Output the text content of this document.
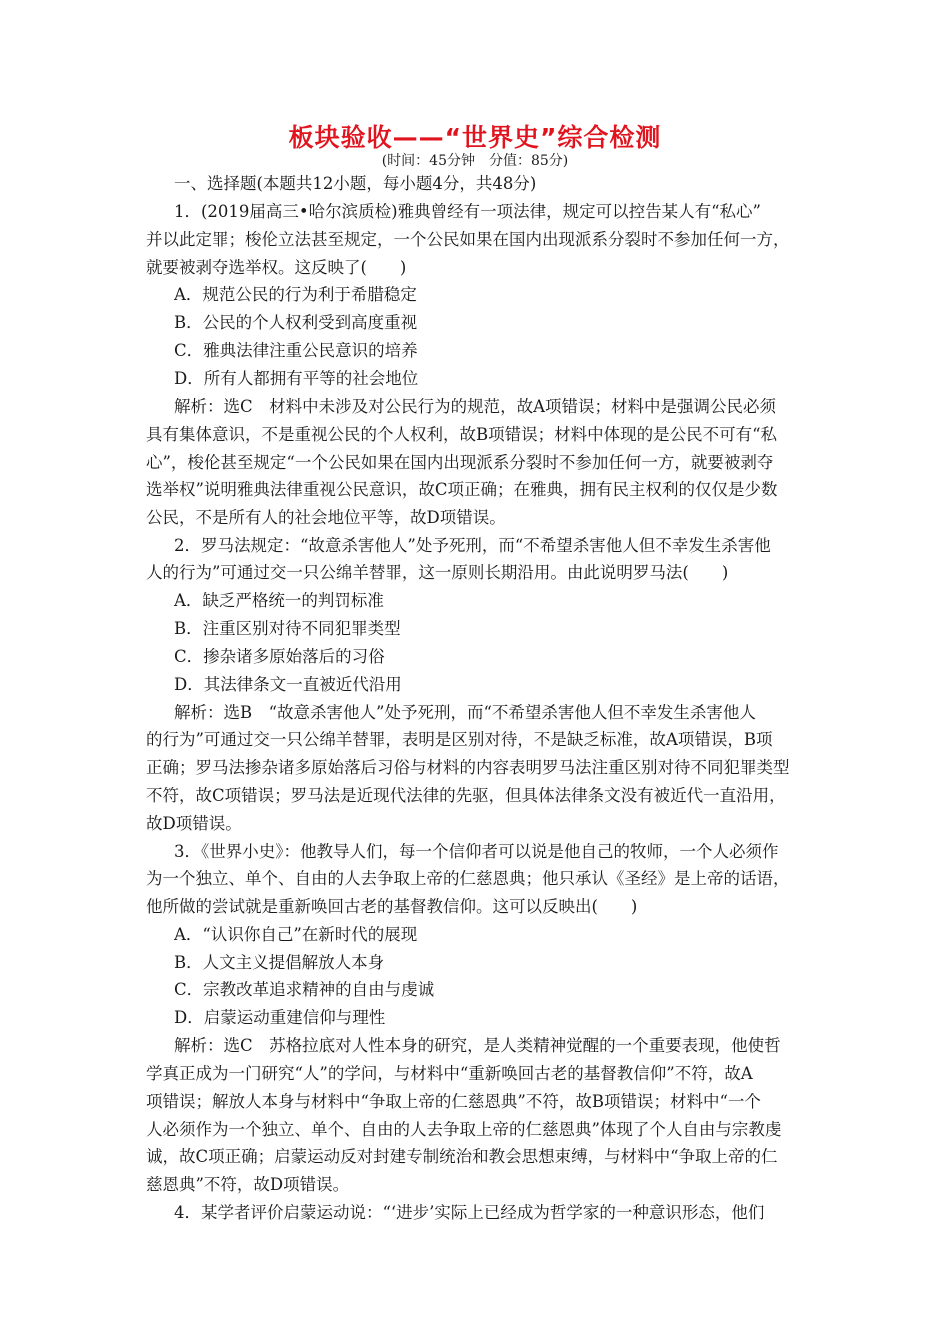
板块验收——“世界史”综合检测
(时间：45分钟　分值：85分)
一、选择题(本题共12小题，每小题4分，共48分)
1．(2019届高三•哈尔滨质检)雅典曾经有一项法律，规定可以控告某人有“私心”
并以此定罪；梭伦立法甚至规定，一个公民如果在国内出现派系分裂时不参加任何一方，
就要被剥夺选举权。这反映了(　　)
A．规范公民的行为利于希腊稳定
B．公民的个人权利受到高度重视
C．雅典法律注重公民意识的培养
D．所有人都拥有平等的社会地位
解析：选C　材料中未涉及对公民行为的规范，故A项错误；材料中是强调公民必须
具有集体意识，不是重视公民的个人权利，故B项错误；材料中体现的是公民不可有“私
心”，梭伦甚至规定“一个公民如果在国内出现派系分裂时不参加任何一方，就要被剥夺
选举权”说明雅典法律重视公民意识，故C项正确；在雅典，拥有民主权利的仅仅是少数
公民，不是所有人的社会地位平等，故D项错误。
2．罗马法规定：“故意杀害他人”处予死刑，而“不希望杀害他人但不幸发生杀害他
人的行为”可通过交一只公绵羊替罪，这一原则长期沿用。由此说明罗马法(　　)
A．缺乏严格统一的判罚标准
B．注重区别对待不同犯罪类型
C．掺杂诸多原始落后的习俗
D．其法律条文一直被近代沿用
解析：选B　“故意杀害他人”处予死刑，而“不希望杀害他人但不幸发生杀害他人
的行为”可通过交一只公绵羊替罪，表明是区别对待，不是缺乏标准，故A项错误，B项
正确；罗马法掺杂诸多原始落后习俗与材料的内容表明罗马法注重区别对待不同犯罪类型
不符，故C项错误；罗马法是近现代法律的先驱，但具体法律条文没有被近代一直沿用，
故D项错误。
3．《世界小史》：他教导人们，每一个信仰者可以说是他自己的牧师，一个人必须作
为一个独立、单个、自由的人去争取上帝的仁慈恩典；他只承认《圣经》是上帝的话语，
他所做的尝试就是重新唤回古老的基督教信仰。这可以反映出(　　)
A．“认识你自己”在新时代的展现
B．人文主义提倡解放人本身
C．宗教改革追求精神的自由与虔诚
D．启蒙运动重建信仰与理性
解析：选C　苏格拉底对人性本身的研究，是人类精神觉醒的一个重要表现，他使哲
学真正成为一门研究“人”的学问，与材料中“重新唤回古老的基督教信仰”不符，故A
项错误；解放人本身与材料中“争取上帝的仁慈恩典”不符，故B项错误；材料中“一个
人必须作为一个独立、单个、自由的人去争取上帝的仁慈恩典”体现了个人自由与宗教虔
诚，故C项正确；启蒙运动反对封建专制统治和教会思想束缚，与材料中“争取上帝的仁
慈恩典”不符，故D项错误。
4．某学者评价启蒙运动说：“‘进步’实际上已经成为哲学家的一种意识形态，他们
